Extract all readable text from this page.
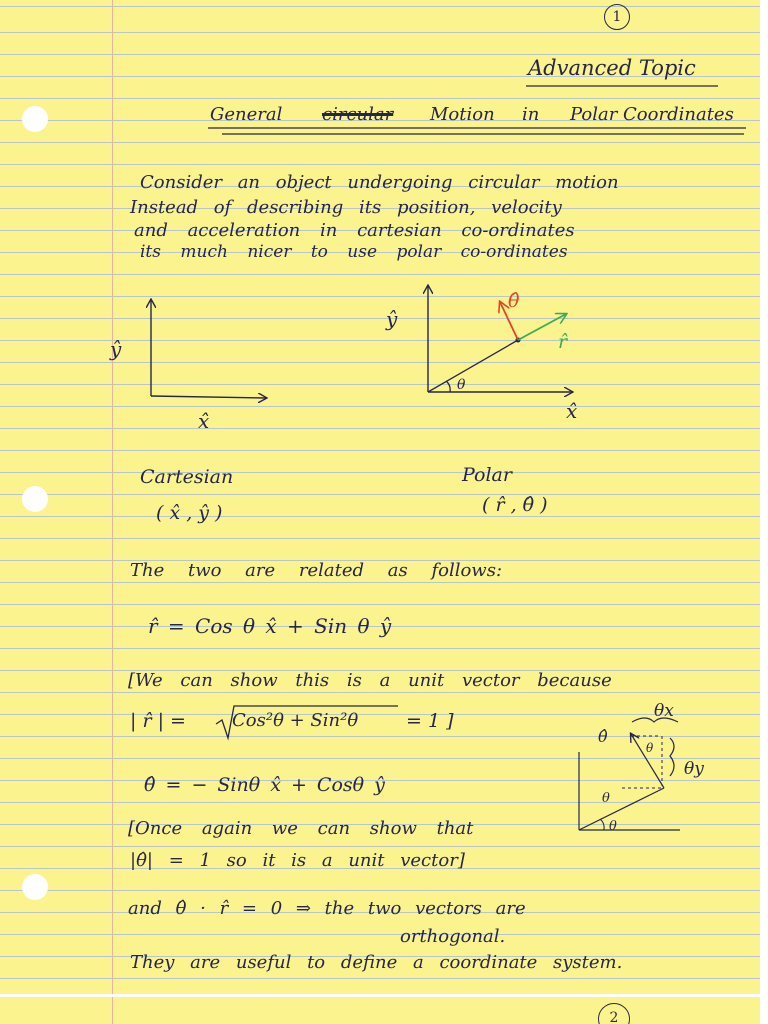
1
Advanced Topic
General circular Motion in Polar Coordinates
Consider an object undergoing circular motion
Instead of describing its position, velocity
and acceleration in cartesian co-ordinates
its much nicer to use polar co-ordinates
ŷ
x̂
θ
ŷ
x̂
θ̂
r̂
θ̂
θx
θy
θ
θ
θ
Cartesian
( x̂ , ŷ )
Polar
( r̂ , θ̂ )
The two are related as follows:
r̂ = Cos θ x̂ + Sin θ ŷ
[We can show this is a unit vector because
| r̂ | =	Cos²θ + Sin²θ	= 1 ]
θ̂ = − Sinθ x̂ + Cosθ ŷ
[Once again we can show that
|θ̂| = 1 so it is a unit vector]
and θ̂ · r̂ = 0 ⇒ the two vectors are
orthogonal.
They are useful to define a coordinate system.
2
